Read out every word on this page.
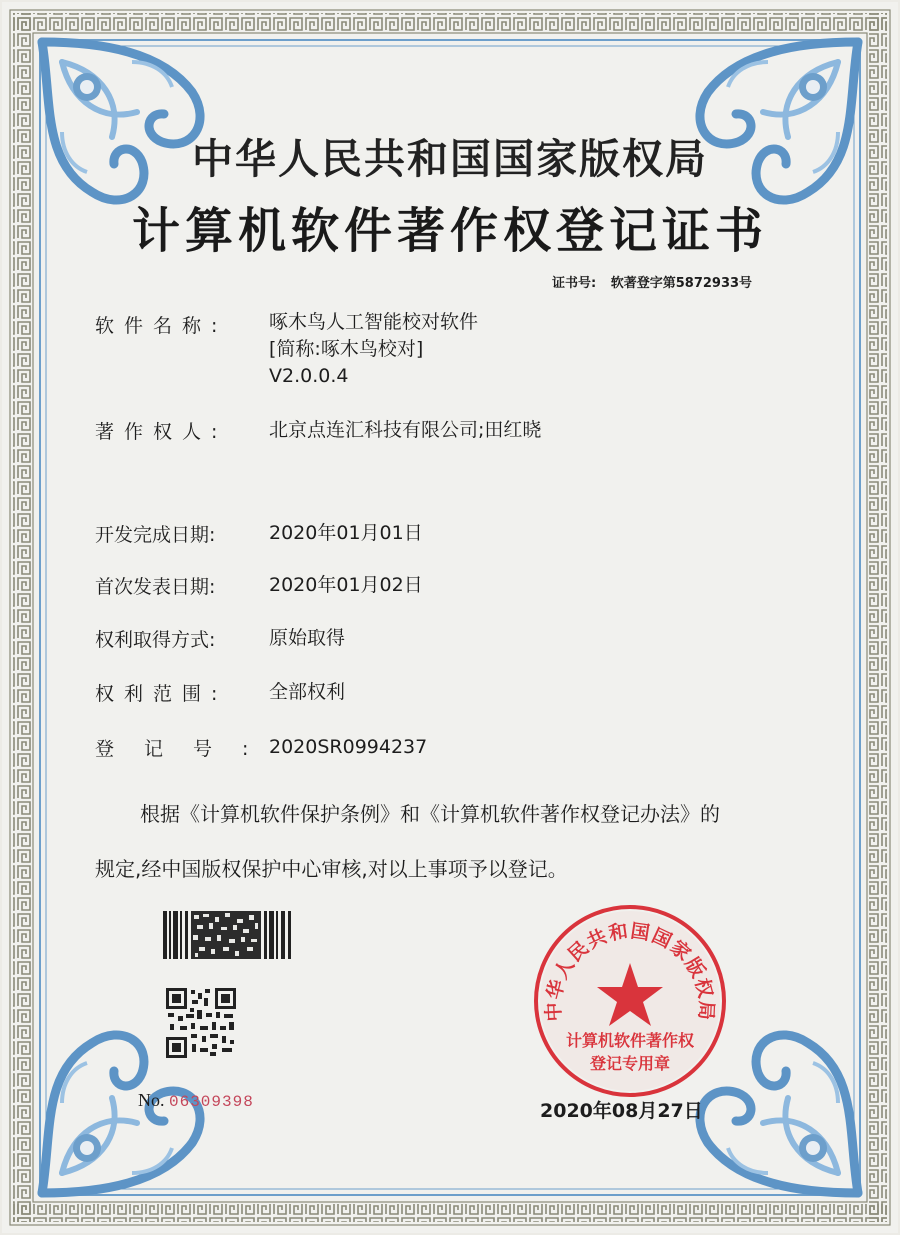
中华人民共和国国家版权局
计算机软件著作权登记证书
证书号: 软著登字第5872933号
软件名称:	啄木鸟人工智能校对软件
[简称:啄木鸟校对]
V2.0.0.4
著作权人:	北京点连汇科技有限公司;田红晓
开发完成日期:	2020年01月01日
首次发表日期:	2020年01月02日
权利取得方式:	原始取得
权利范围:	全部权利
登记号:
2020SR0994237
根据《计算机软件保护条例》和《计算机软件著作权登记办法》的
规定,经中国版权保护中心审核,对以上事项予以登记。
No. 06309398
中华人民共和国国家版权局
计算机软件著作权
登记专用章
2020年08月27日
